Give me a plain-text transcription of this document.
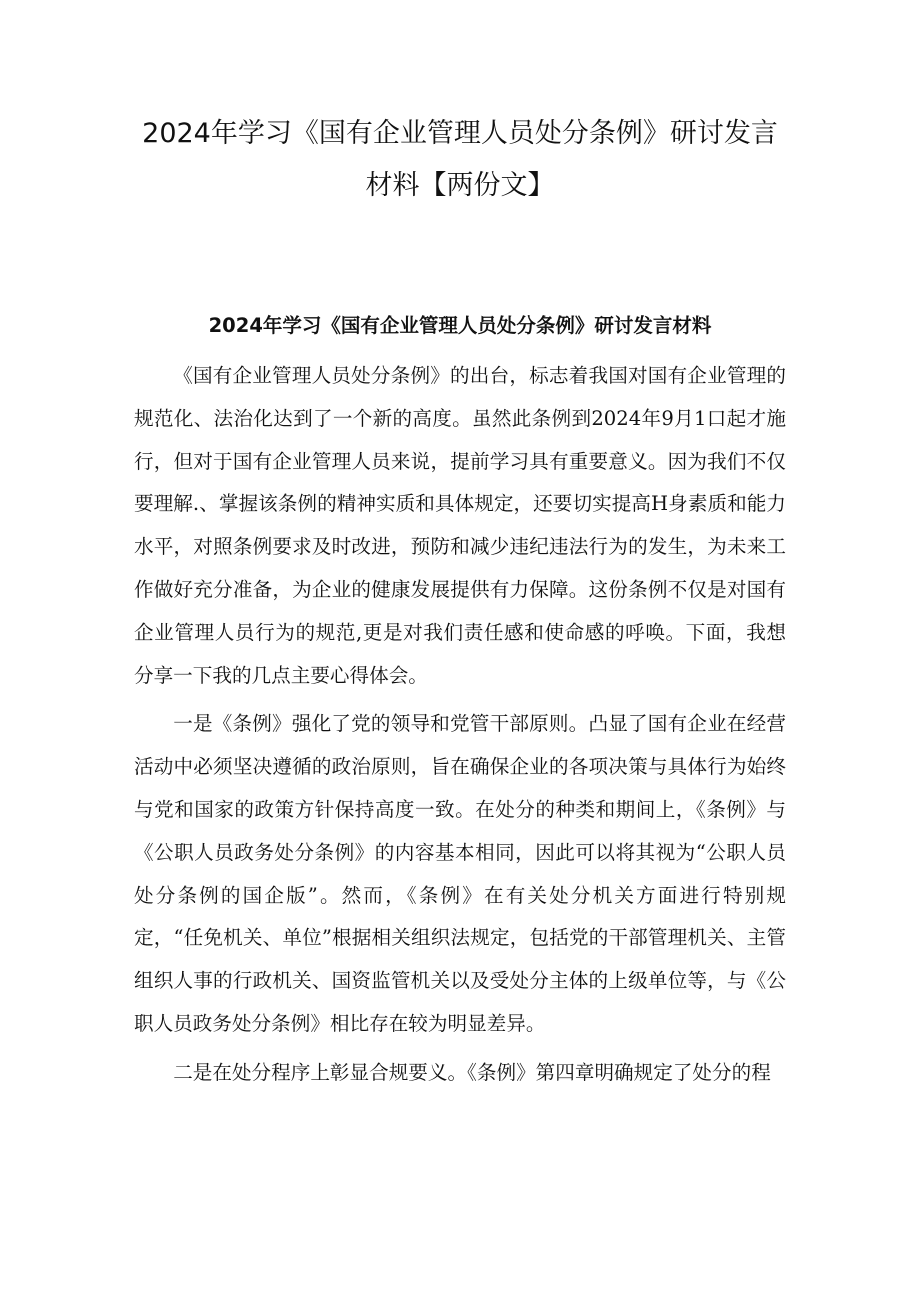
2024年学习《国有企业管理人员处分条例》研讨发言
材料【两份文】
2024年学习《国有企业管理人员处分条例》研讨发言材料

《国有企业管理人员处分条例》的出台，标志着我国对国有企业管理的规范化、法治化达到了一个新的高度。虽然此条例到2024年9月1口起才施行，但对于国有企业管理人员来说，提前学习具有重要意义。因为我们不仅要理解.、掌握该条例的精神实质和具体规定，还要切实提高H身素质和能力水平，对照条例要求及时改进，预防和减少违纪违法行为的发生，为未来工作做好充分准备，为企业的健康发展提供有力保障。这份条例不仅是对国有企业管理人员行为的规范,更是对我们责任感和使命感的呼唤。下面，我想分享一下我的几点主要心得体会。

一是《条例》强化了党的领导和党管干部原则。凸显了国有企业在经营活动中必须坚决遵循的政治原则，旨在确保企业的各项决策与具体行为始终与党和国家的政策方针保持高度一致。在处分的种类和期间上，《条例》与《公职人员政务处分条例》的内容基本相同，因此可以将其视为“公职人员处分条例的国企版”。然而，《条例》在有关处分机关方面进行特别规定，“任免机关、单位”根据相关组织法规定，包括党的干部管理机关、主管组织人事的行政机关、国资监管机关以及受处分主体的上级单位等，与《公职人员政务处分条例》相比存在较为明显差异。

二是在处分程序上彰显合规要义。《条例》第四章明确规定了处分的程
